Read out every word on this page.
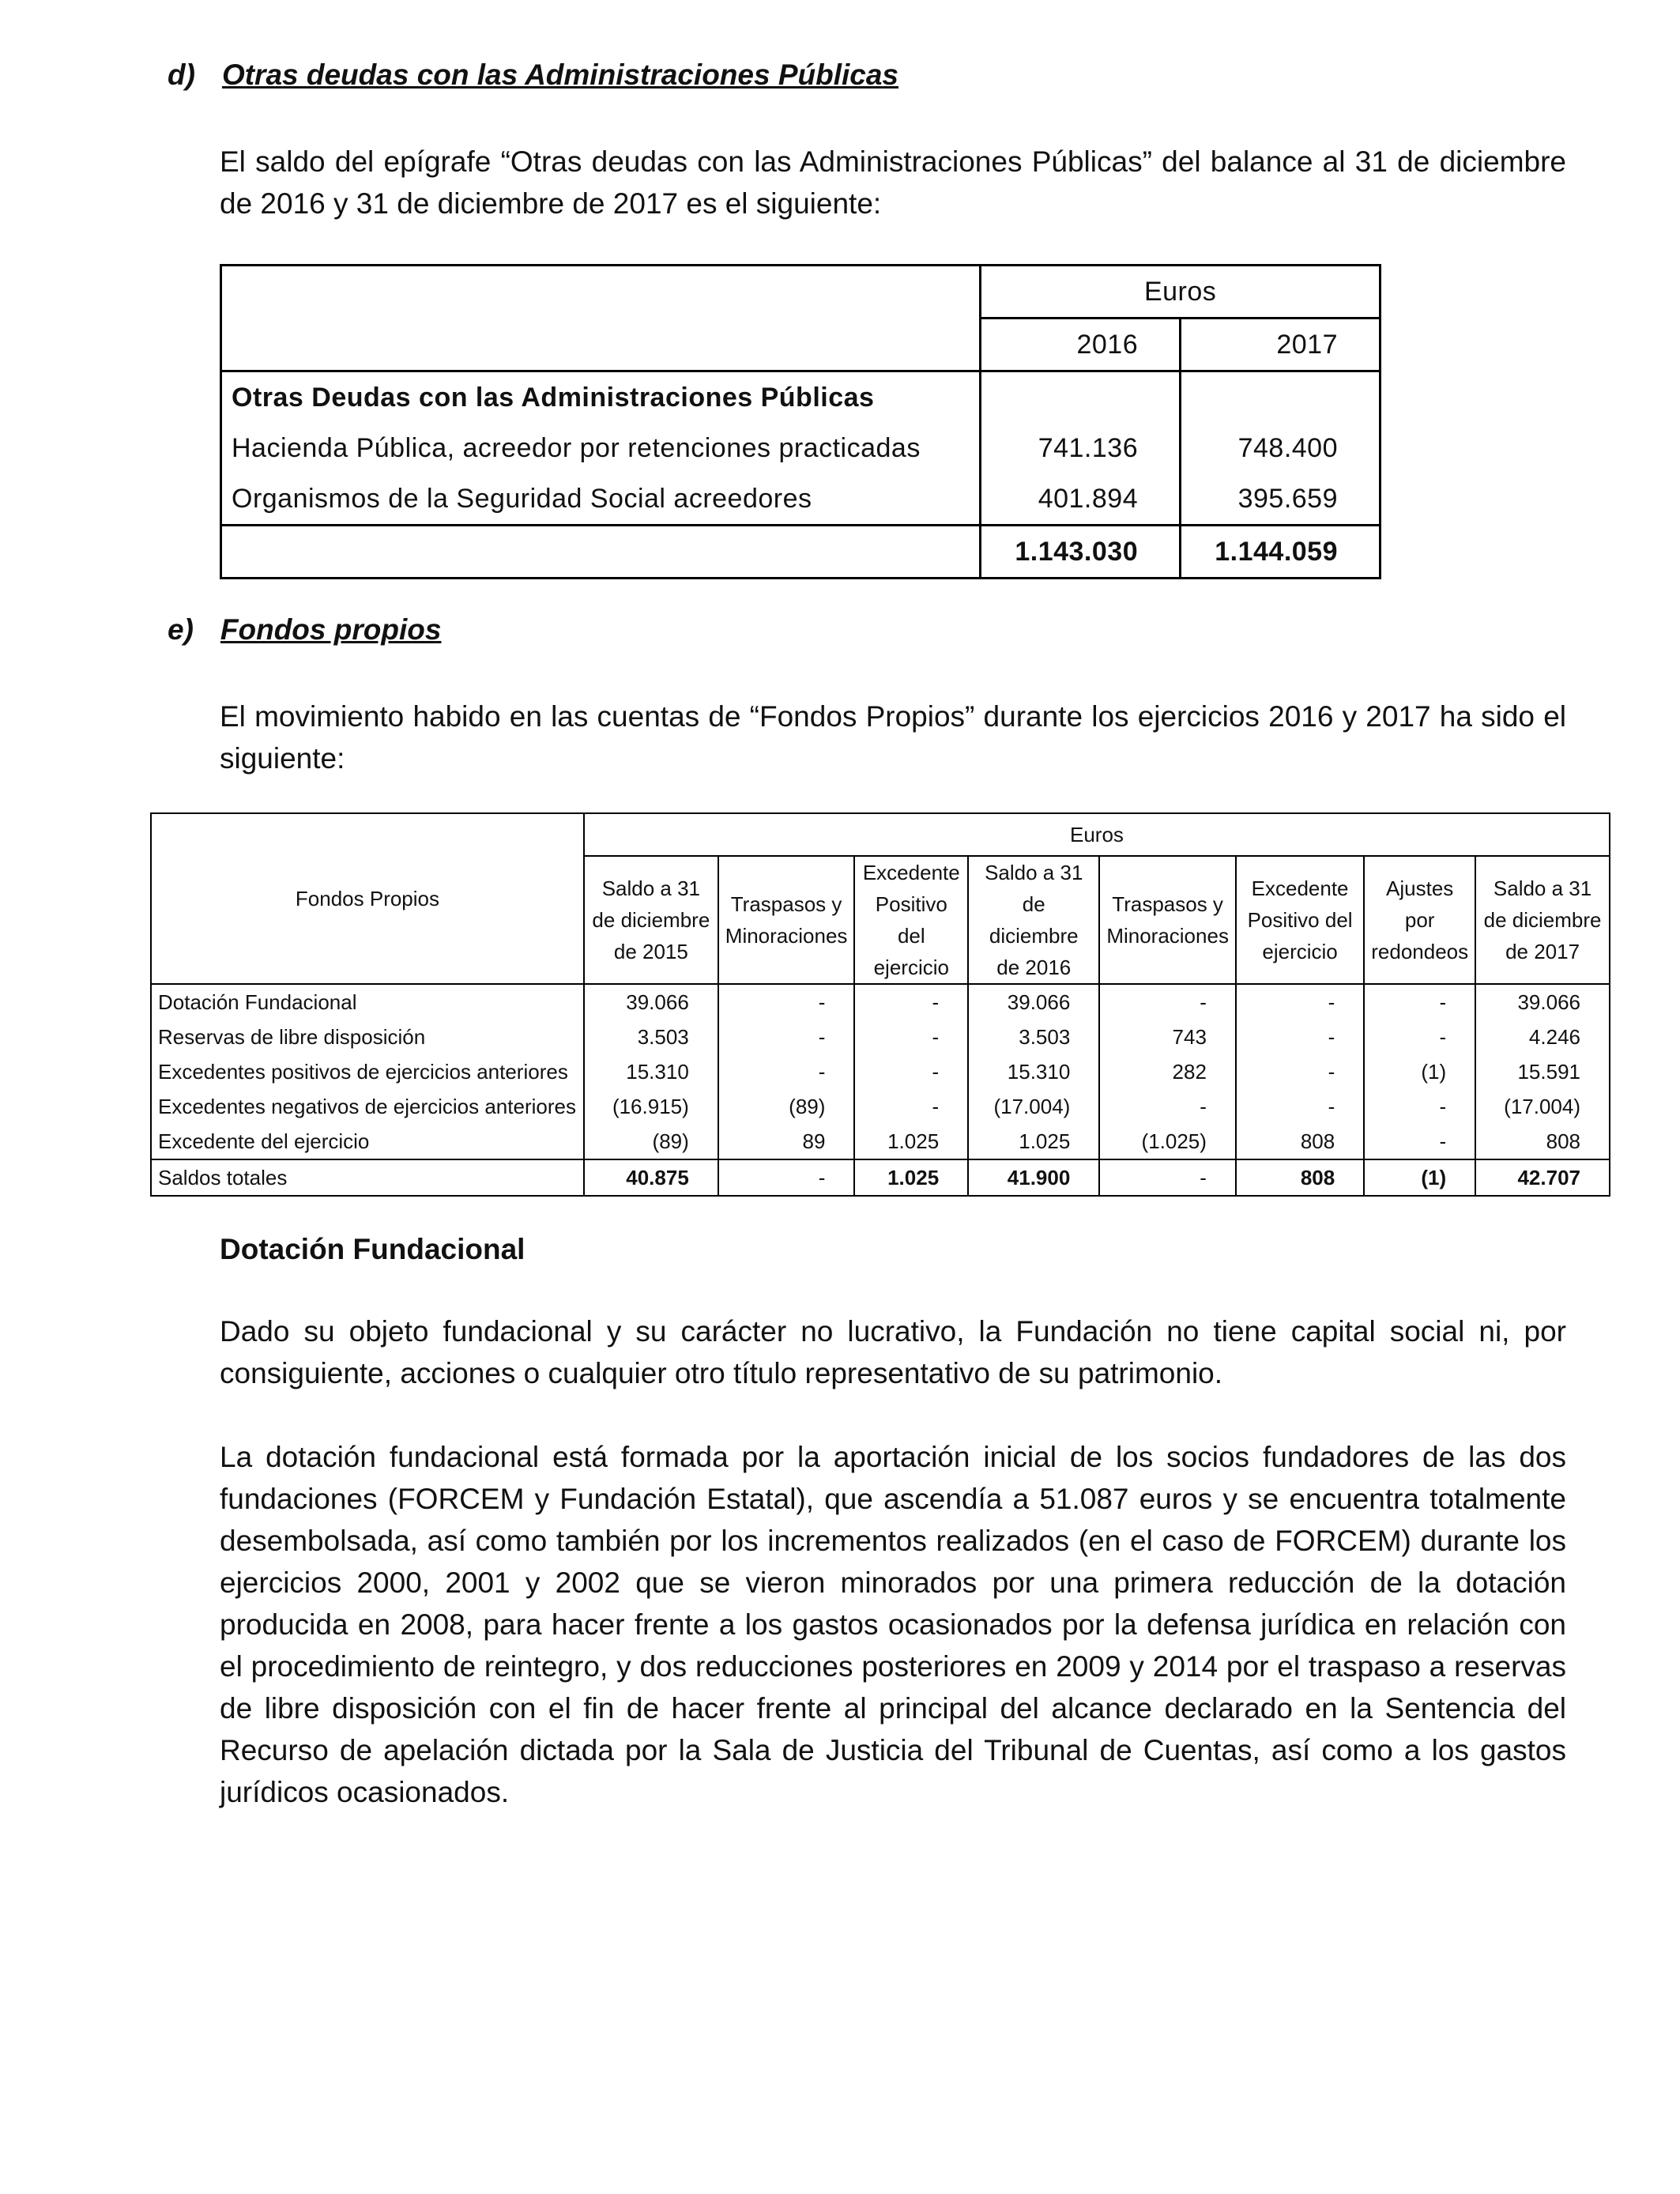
d) Otras deudas con las Administraciones Públicas

El saldo del epígrafe “Otras deudas con las Administraciones Públicas” del balance al 31 de diciembre de 2016 y 31 de diciembre de 2017 es el siguiente:

	Euros	
	2016	2017
Otras Deudas con las Administraciones Públicas		
Hacienda Pública, acreedor por retenciones practicadas	741.136	748.400
Organismos de la Seguridad Social acreedores	401.894	395.659
	1.143.030	1.144.059
e) Fondos propios

El movimiento habido en las cuentas de “Fondos Propios” durante los ejercicios 2016 y 2017 ha sido el siguiente:

Fondos Propios	Euros							
	Saldo a 31 de diciembre de 2015	Traspasos y Minoraciones	Excedente Positivo del ejercicio	Saldo a 31 de diciembre de 2016	Traspasos y Minoraciones	Excedente Positivo del ejercicio	Ajustes por redondeos	Saldo a 31 de diciembre de 2017
Dotación Fundacional	39.066	-	-	39.066	-	-	-	39.066
Reservas de libre disposición	3.503	-	-	3.503	743	-	-	4.246
Excedentes positivos de ejercicios anteriores	15.310	-	-	15.310	282	-	(1)	15.591
Excedentes negativos de ejercicios anteriores	(16.915)	(89)	-	(17.004)	-	-	-	(17.004)
Excedente del ejercicio	(89)	89	1.025	1.025	(1.025)	808	-	808
Saldos totales	40.875	-	1.025	41.900	-	808	(1)	42.707
Dotación Fundacional

Dado su objeto fundacional y su carácter no lucrativo, la Fundación no tiene capital social ni, por consiguiente, acciones o cualquier otro título representativo de su patrimonio.

La dotación fundacional está formada por la aportación inicial de los socios fundadores de las dos fundaciones (FORCEM y Fundación Estatal), que ascendía a 51.087 euros y se encuentra totalmente desembolsada, así como también por los incrementos realizados (en el caso de FORCEM) durante los ejercicios 2000, 2001 y 2002 que se vieron minorados por una primera reducción de la dotación producida en 2008, para hacer frente a los gastos ocasionados por la defensa jurídica en relación con el procedimiento de reintegro, y dos reducciones posteriores en 2009 y 2014 por el traspaso a reservas de libre disposición con el fin de hacer frente al principal del alcance declarado en la Sentencia del Recurso de apelación dictada por la Sala de Justicia del Tribunal de Cuentas, así como a los gastos jurídicos ocasionados.
